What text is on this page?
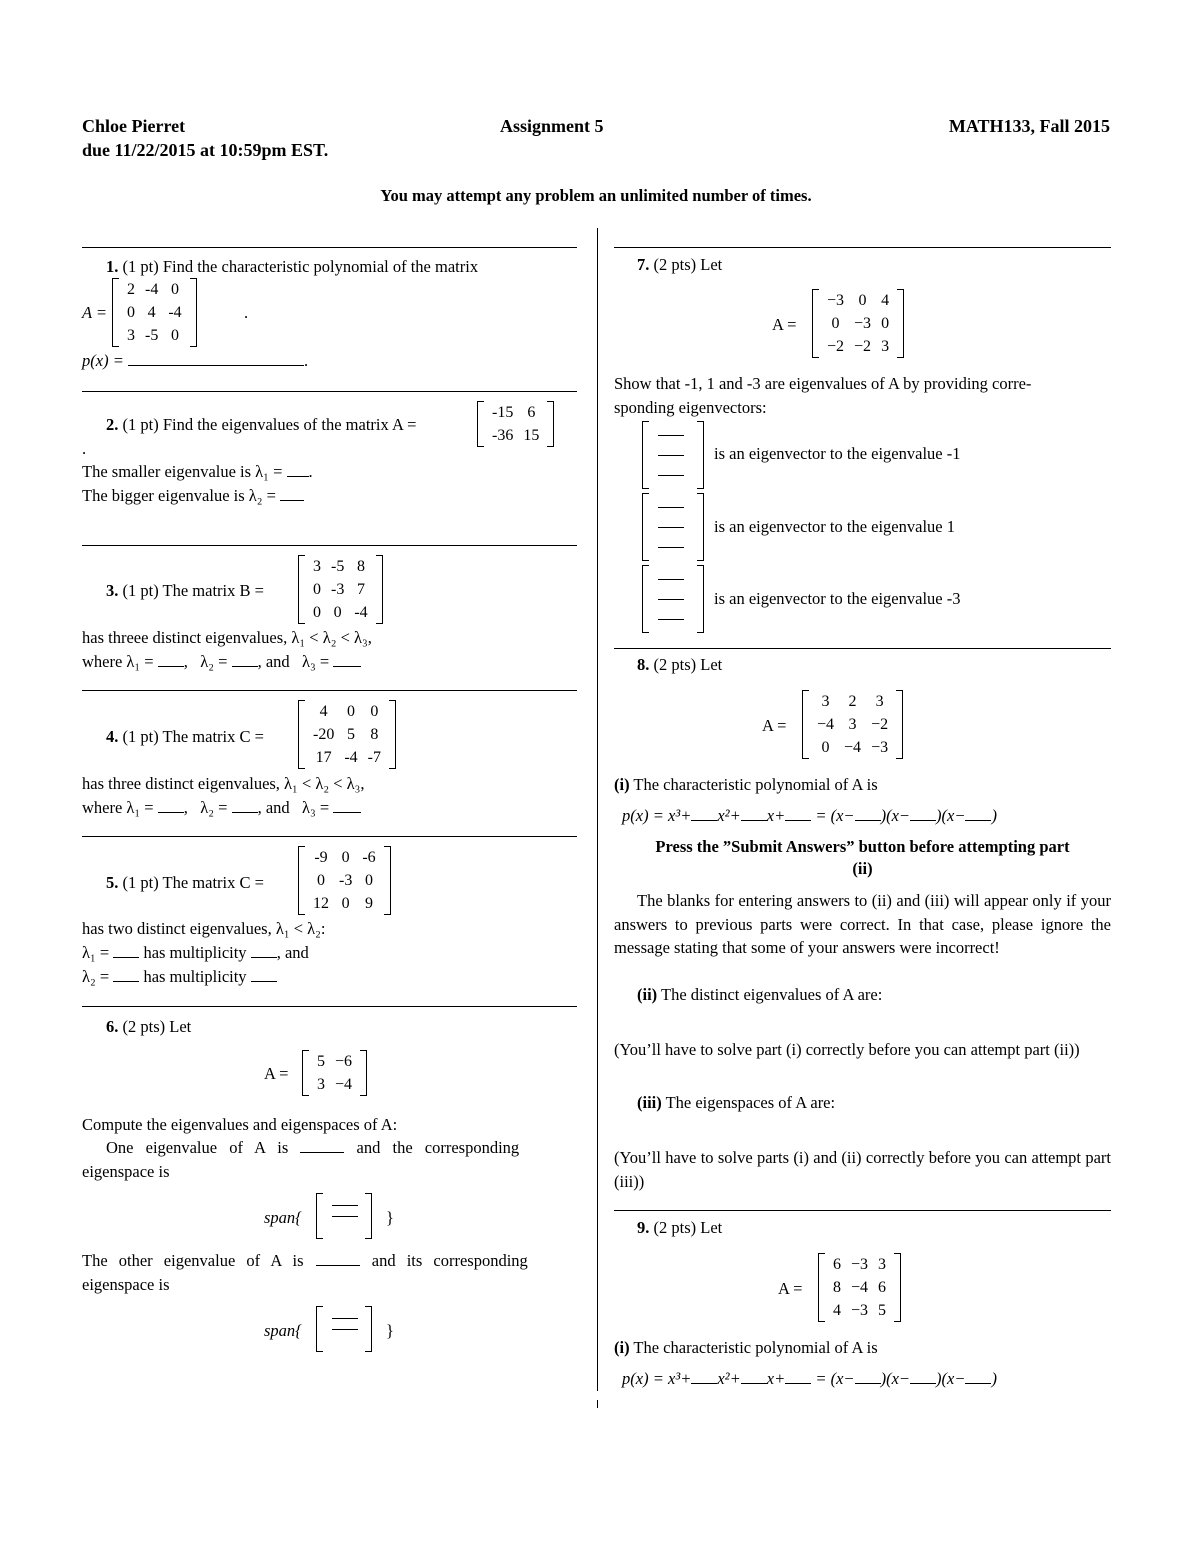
Chloe Pierret
due 11/22/2015 at 10:59pm EST.
Assignment 5	MATH133, Fall 2015
You may attempt any problem an unlimited number of times.
1. (1 pt) Find the characteristic polynomial of the matrix
A =
2	-4	0
0	4	-4
3	-5	0
.
p(x) =	.
2. (1 pt) Find the eigenvalues of the matrix A =
-15	6
-36	15
.
The smaller eigenvalue is λ₁ = .
The bigger eigenvalue is λ₂ =
3. (1 pt) The matrix B =
3	-5	8
0	-3	7
0	0	-4
has threee distinct eigenvalues, λ₁ < λ₂ < λ₃,
where λ₁ = ,   λ₂ = , and   λ₃ =
4. (1 pt) The matrix C =
4	0	0
-20	5	8
17	-4	-7
has three distinct eigenvalues, λ₁ < λ₂ < λ₃,
where λ₁ = ,   λ₂ = , and   λ₃ =
5. (1 pt) The matrix C =
-9	0	-6
0	-3	0
12	0	9
has two distinct eigenvalues, λ₁ < λ₂:
λ₁ = has multiplicity , and
λ₂ = has multiplicity
6. (2 pts) Let
A =
5	−6
3	−4
Compute the eigenvalues and eigenspaces of A:
One eigenvalue of A is	and the corresponding
eigenspace is
span{	}
The other eigenvalue of A is	and its corresponding
eigenspace is
span{	}
7. (2 pts) Let
A =
−3	0	4
0	−3	0
−2	−2	3
Show that -1, 1 and -3 are eigenvalues of A by providing corre-
sponding eigenvectors:
is an eigenvector to the eigenvalue -1
is an eigenvector to the eigenvalue 1
is an eigenvector to the eigenvalue -3
8. (2 pts) Let
A =
3	2	3
−4	3	−2
0	−4	−3
(i) The characteristic polynomial of A is
p(x) = x³+ x²+ x+ = (x− )(x− )(x− )
Press the ”Submit Answers” button before attempting part
(ii)
The blanks for entering answers to (ii) and (iii) will appear only if your answers to previous parts were correct. In that case, please ignore the message stating that some of your answers were incorrect!
(ii) The distinct eigenvalues of A are:
(You’ll have to solve part (i) correctly before you can attempt part (ii))
(iii) The eigenspaces of A are:
(You’ll have to solve parts (i) and (ii) correctly before you can attempt part (iii))
9. (2 pts) Let
A =
6	−3	3
8	−4	6
4	−3	5
(i) The characteristic polynomial of A is
p(x) = x³+ x²+ x+ = (x− )(x− )(x− )
